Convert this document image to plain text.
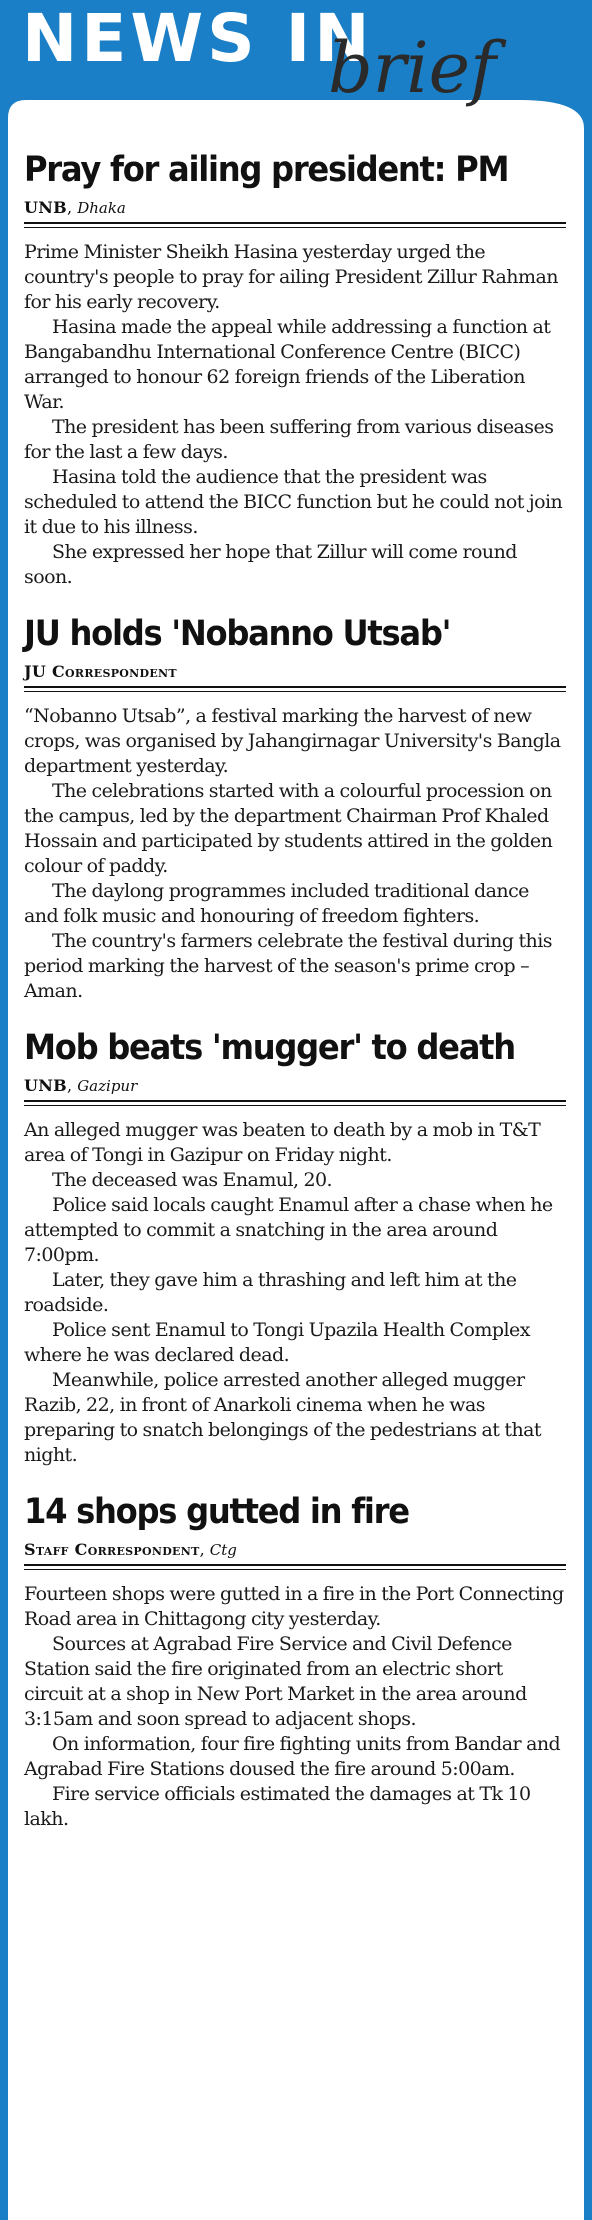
NEWS IN
brief
Pray for ailing president: PM
UNB, Dhaka

Prime Minister Sheikh Hasina yesterday urged the country's people to pray for ailing President Zillur Rahman for his early recovery.

Hasina made the appeal while addressing a function at Bangabandhu International Conference Centre (BICC) arranged to honour 62 foreign friends of the Liberation War.

The president has been suffering from various diseases for the last a few days.

Hasina told the audience that the president was scheduled to attend the BICC function but he could not join it due to his illness.

She expressed her hope that Zillur will come round soon.

JU holds 'Nobanno Utsab'
JU Correspondent

“Nobanno Utsab”, a festival marking the harvest of new crops, was organised by Jahangirnagar University's Bangla department yesterday.

The celebrations started with a colourful procession on the campus, led by the department Chairman Prof Khaled Hossain and participated by students attired in the golden colour of paddy.

The daylong programmes included traditional dance and folk music and honouring of freedom fighters.

The country's farmers celebrate the festival during this period marking the harvest of the season's prime crop – Aman.

Mob beats 'mugger' to death
UNB, Gazipur

An alleged mugger was beaten to death by a mob in T&T area of Tongi in Gazipur on Friday night.

The deceased was Enamul, 20.

Police said locals caught Enamul after a chase when he attempted to commit a snatching in the area around 7:00pm.

Later, they gave him a thrashing and left him at the roadside.

Police sent Enamul to Tongi Upazila Health Complex where he was declared dead.

Meanwhile, police arrested another alleged mugger Razib, 22, in front of Anarkoli cinema when he was preparing to snatch belongings of the pedestrians at that night.

14 shops gutted in fire
Staff Correspondent, Ctg

Fourteen shops were gutted in a fire in the Port Connecting Road area in Chittagong city yesterday.

Sources at Agrabad Fire Service and Civil Defence Station said the fire originated from an electric short circuit at a shop in New Port Market in the area around 3:15am and soon spread to adjacent shops.

On information, four fire fighting units from Bandar and Agrabad Fire Stations doused the fire around 5:00am.

Fire service officials estimated the damages at Tk 10 lakh.
